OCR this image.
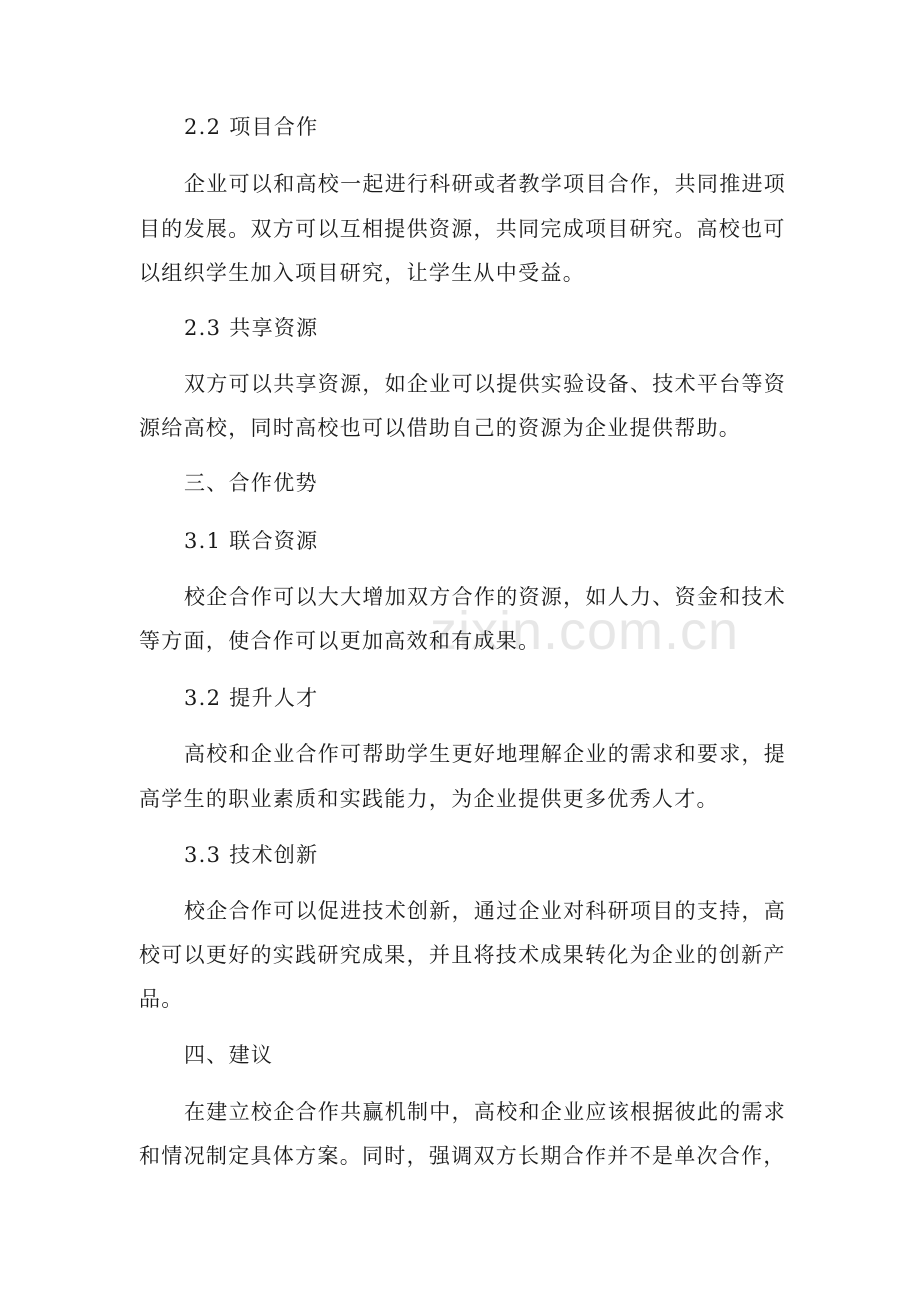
zixin.com.cn
2.2 项目合作
企业可以和高校一起进行科研或者教学项目合作，共同推进项
目的发展。双方可以互相提供资源，共同完成项目研究。高校也可
以组织学生加入项目研究，让学生从中受益。
2.3 共享资源
双方可以共享资源，如企业可以提供实验设备、技术平台等资
源给高校，同时高校也可以借助自己的资源为企业提供帮助。
三、合作优势
3.1 联合资源
校企合作可以大大增加双方合作的资源，如人力、资金和技术
等方面，使合作可以更加高效和有成果。
3.2 提升人才
高校和企业合作可帮助学生更好地理解企业的需求和要求，提
高学生的职业素质和实践能力，为企业提供更多优秀人才。
3.3 技术创新
校企合作可以促进技术创新，通过企业对科研项目的支持，高
校可以更好的实践研究成果，并且将技术成果转化为企业的创新产
品。
四、建议
在建立校企合作共赢机制中，高校和企业应该根据彼此的需求
和情况制定具体方案。同时，强调双方长期合作并不是单次合作，
